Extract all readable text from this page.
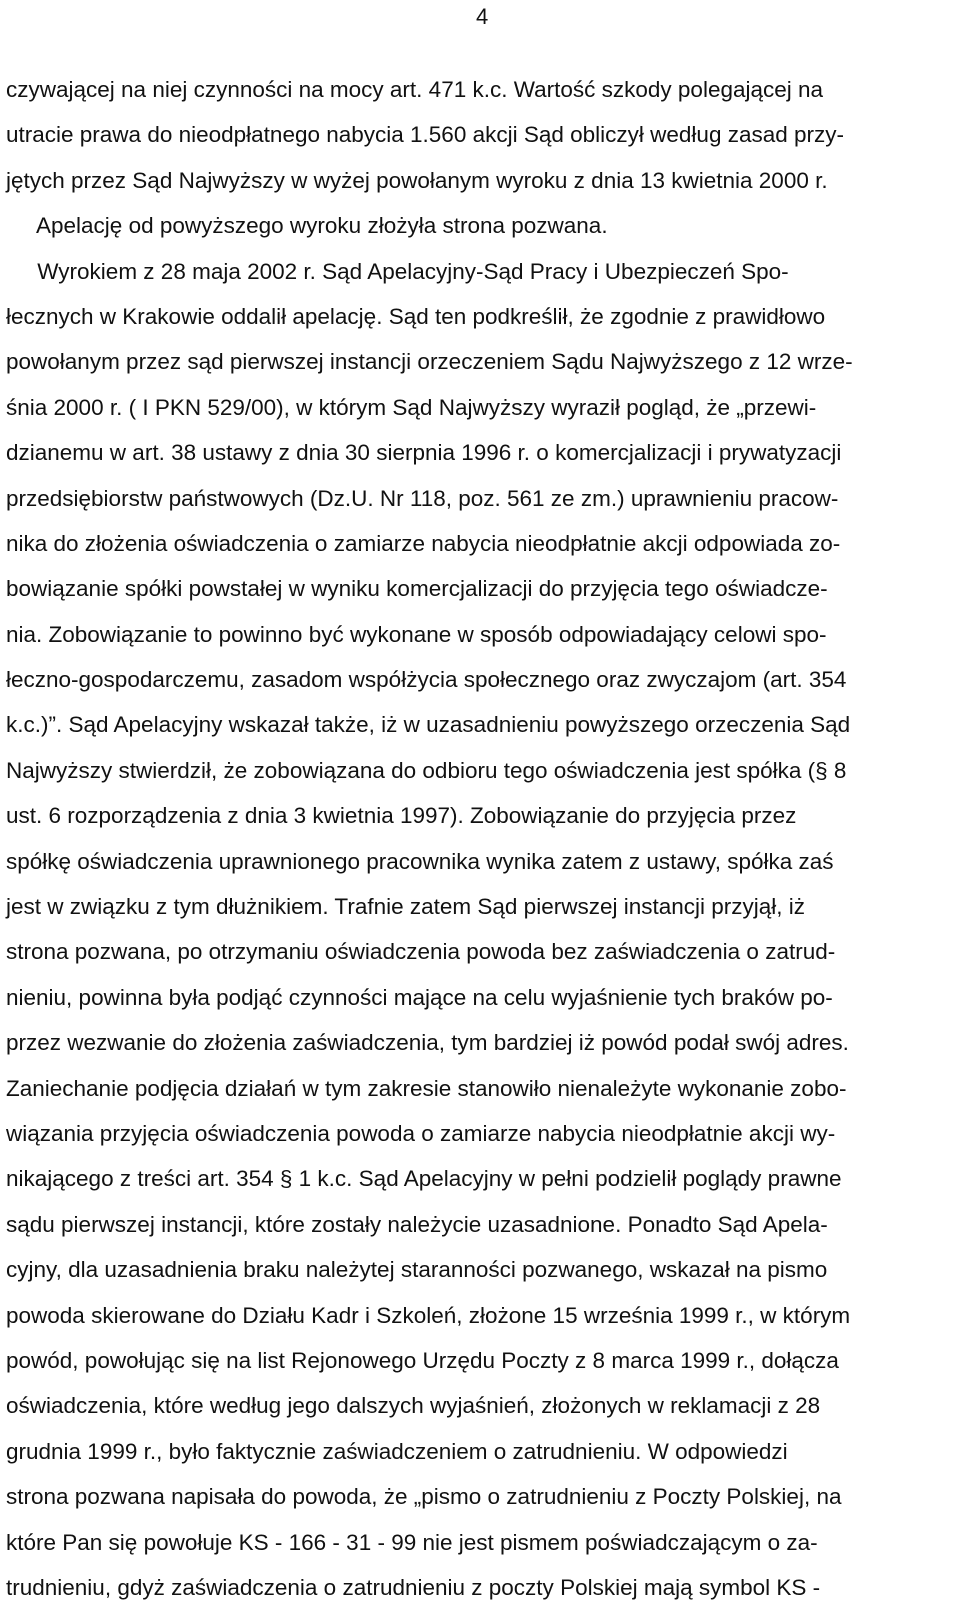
4
czywającej na niej czynności na mocy art. 471 k.c. Wartość szkody polegającej na
utracie prawa do nieodpłatnego nabycia 1.560 akcji Sąd obliczył według zasad przy-
jętych przez Sąd Najwyższy w wyżej powołanym wyroku z dnia 13 kwietnia 2000 r.
Apelację od powyższego wyroku złożyła strona pozwana.
Wyrokiem z 28 maja 2002 r. Sąd Apelacyjny-Sąd Pracy i Ubezpieczeń Spo-
łecznych w Krakowie oddalił apelację. Sąd ten podkreślił, że zgodnie z prawidłowo
powołanym przez sąd pierwszej instancji orzeczeniem Sądu Najwyższego z 12 wrze-
śnia 2000 r. ( I PKN 529/00), w którym Sąd Najwyższy wyraził pogląd, że „przewi-
dzianemu w art. 38 ustawy z dnia 30 sierpnia 1996 r. o komercjalizacji i prywatyzacji
przedsiębiorstw państwowych (Dz.U. Nr 118, poz. 561 ze zm.) uprawnieniu pracow-
nika do złożenia oświadczenia o zamiarze nabycia nieodpłatnie akcji odpowiada zo-
bowiązanie spółki powstałej w wyniku komercjalizacji do przyjęcia tego oświadcze-
nia. Zobowiązanie to powinno być wykonane w sposób odpowiadający celowi spo-
łeczno-gospodarczemu, zasadom współżycia społecznego oraz zwyczajom (art. 354
k.c.)”. Sąd Apelacyjny wskazał także, iż w uzasadnieniu powyższego orzeczenia Sąd
Najwyższy stwierdził, że zobowiązana do odbioru tego oświadczenia jest spółka (§ 8
ust. 6 rozporządzenia z dnia 3 kwietnia 1997). Zobowiązanie do przyjęcia przez
spółkę oświadczenia uprawnionego pracownika wynika zatem z ustawy, spółka zaś
jest w związku z tym dłużnikiem. Trafnie zatem Sąd pierwszej instancji przyjął, iż
strona pozwana, po otrzymaniu oświadczenia powoda bez zaświadczenia o zatrud-
nieniu, powinna była podjąć czynności mające na celu wyjaśnienie tych braków po-
przez wezwanie do złożenia zaświadczenia, tym bardziej iż powód podał swój adres.
Zaniechanie podjęcia działań w tym zakresie stanowiło nienależyte wykonanie zobo-
wiązania przyjęcia oświadczenia powoda o zamiarze nabycia nieodpłatnie akcji wy-
nikającego z treści art. 354 § 1 k.c. Sąd Apelacyjny w pełni podzielił poglądy prawne
sądu pierwszej instancji, które zostały należycie uzasadnione. Ponadto Sąd Apela-
cyjny, dla uzasadnienia braku należytej staranności pozwanego, wskazał na pismo
powoda skierowane do Działu Kadr i Szkoleń, złożone 15 września 1999 r., w którym
powód, powołując się na list Rejonowego Urzędu Poczty z 8 marca 1999 r., dołącza
oświadczenia, które według jego dalszych wyjaśnień, złożonych w reklamacji z 28
grudnia 1999 r., było faktycznie zaświadczeniem o zatrudnieniu. W odpowiedzi
strona pozwana napisała do powoda, że „pismo o zatrudnieniu z Poczty Polskiej, na
które Pan się powołuje KS - 166 - 31 - 99 nie jest pismem poświadczającym o za-
trudnieniu, gdyż zaświadczenia o zatrudnieniu z poczty Polskiej mają symbol KS -
